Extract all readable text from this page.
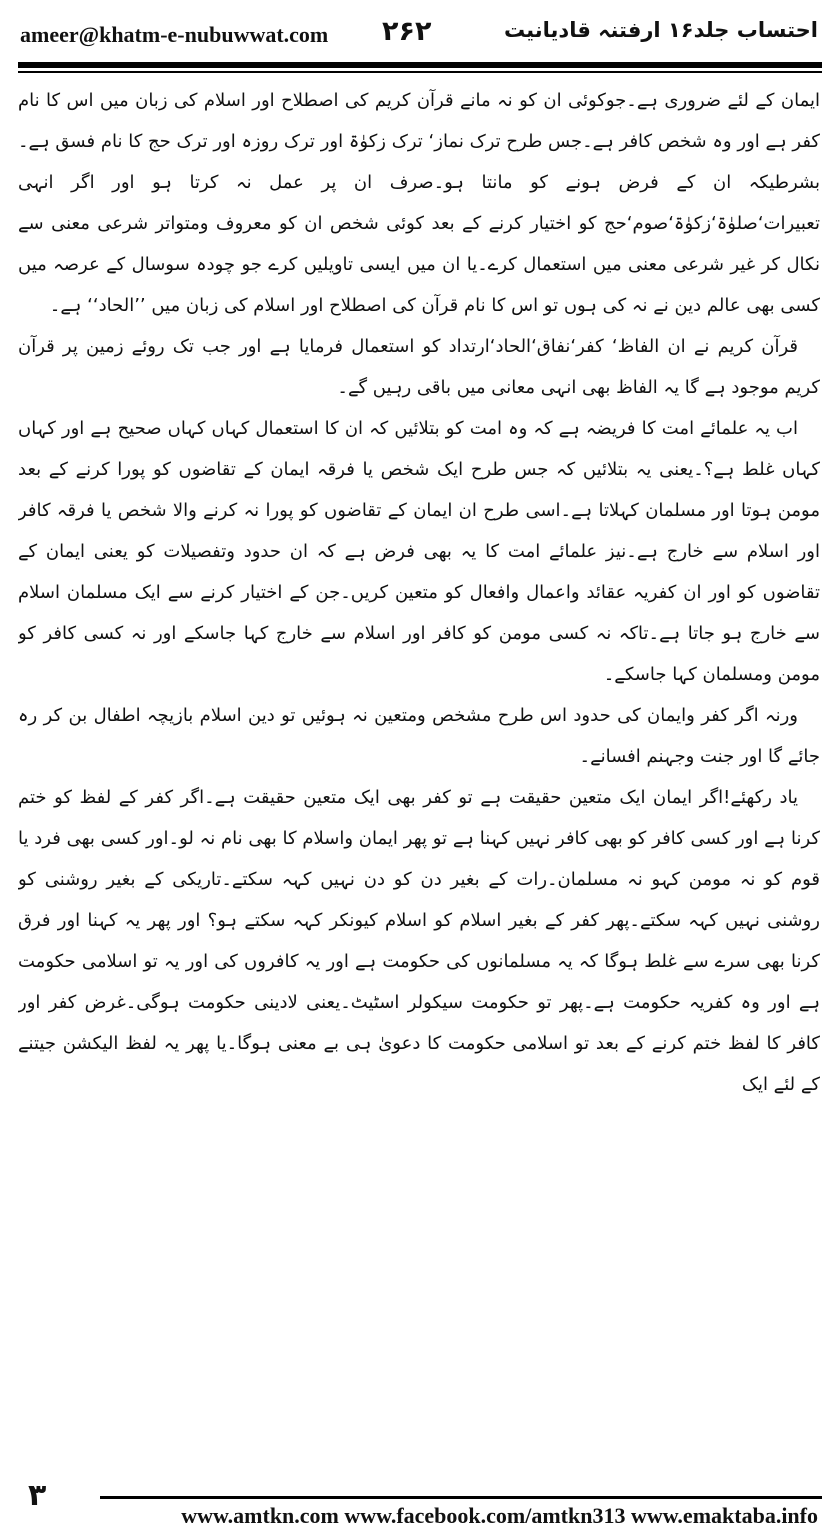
ameer@khatm-e-nubuwwat.com ۲۶۲	احتساب جلد۱۶ ارفتنہ قادیانیت

ایمان کے لئے ضروری ہے۔جوکوئی ان کو نہ مانے قرآن کریم کی اصطلاح اور اسلام کی زبان میں اس کا نام کفر ہے اور وہ شخص کافر ہے۔جس طرح ترک نماز‘ ترک زکوٰۃ اور ترک روزہ اور ترک حج کا نام فسق ہے۔بشرطیکہ ان کے فرض ہونے کو مانتا ہو۔صرف ان پر عمل نہ کرتا ہو اور اگر انہی تعبیرات‘صلوٰۃ‘زکوٰۃ‘صوم‘حج کو اختیار کرنے کے بعد کوئی شخص ان کو معروف ومتواتر شرعی معنی سے نکال کر غیر شرعی معنی میں استعمال کرے۔یا ان میں ایسی تاویلیں کرے جو چودہ سوسال کے عرصہ میں کسی بھی عالم دین نے نہ کی ہوں تو اس کا نام قرآن کی اصطلاح اور اسلام کی زبان میں ’’الحاد‘‘ ہے۔

قرآن کریم نے ان الفاظ‘ کفر‘نفاق‘الحاد‘ارتداد کو استعمال فرمایا ہے اور جب تک روئے زمین پر قرآن کریم موجود ہے گا یہ الفاظ بھی انہی معانی میں باقی رہیں گے۔

اب یہ علمائے امت کا فریضہ ہے کہ وہ امت کو بتلائیں کہ ان کا استعمال کہاں کہاں صحیح ہے اور کہاں کہاں غلط ہے؟۔یعنی یہ بتلائیں کہ جس طرح ایک شخص یا فرقہ ایمان کے تقاضوں کو پورا کرنے کے بعد مومن ہوتا اور مسلمان کہلاتا ہے۔اسی طرح ان ایمان کے تقاضوں کو پورا نہ کرنے والا شخص یا فرقہ کافر اور اسلام سے خارج ہے۔نیز علمائے امت کا یہ بھی فرض ہے کہ ان حدود وتفصیلات کو یعنی ایمان کے تقاضوں کو اور ان کفریہ عقائد واعمال وافعال کو متعین کریں۔جن کے اختیار کرنے سے ایک مسلمان اسلام سے خارج ہو جاتا ہے۔تاکہ نہ کسی مومن کو کافر اور اسلام سے خارج کہا جاسکے اور نہ کسی کافر کو مومن ومسلمان کہا جاسکے۔

ورنہ اگر کفر وایمان کی حدود اس طرح مشخص ومتعین نہ ہوئیں تو دین اسلام بازیچہ اطفال بن کر رہ جائے گا اور جنت وجہنم افسانے۔

یاد رکھئے!اگر ایمان ایک متعین حقیقت ہے تو کفر بھی ایک متعین حقیقت ہے۔اگر کفر کے لفظ کو ختم کرنا ہے اور کسی کافر کو بھی کافر نہیں کہنا ہے تو پھر ایمان واسلام کا بھی نام نہ لو۔اور کسی بھی فرد یا قوم کو نہ مومن کہو نہ مسلمان۔رات کے بغیر دن کو دن نہیں کہہ سکتے۔تاریکی کے بغیر روشنی کو روشنی نہیں کہہ سکتے۔پھر کفر کے بغیر اسلام کو اسلام کیونکر کہہ سکتے ہو؟ اور پھر یہ کہنا اور فرق کرنا بھی سرے سے غلط ہوگا کہ یہ مسلمانوں کی حکومت ہے اور یہ کافروں کی اور یہ تو اسلامی حکومت ہے اور وہ کفریہ حکومت ہے۔پھر تو حکومت سیکولر اسٹیٹ۔یعنی لادینی حکومت ہوگی۔غرض کفر اور کافر کا لفظ ختم کرنے کے بعد تو اسلامی حکومت کا دعویٰ ہی بے معنی ہوگا۔یا پھر یہ لفظ الیکشن جیتنے کے لئے ایک

۳
www.amtkn.com www.facebook.com/amtkn313 www.emaktaba.info
